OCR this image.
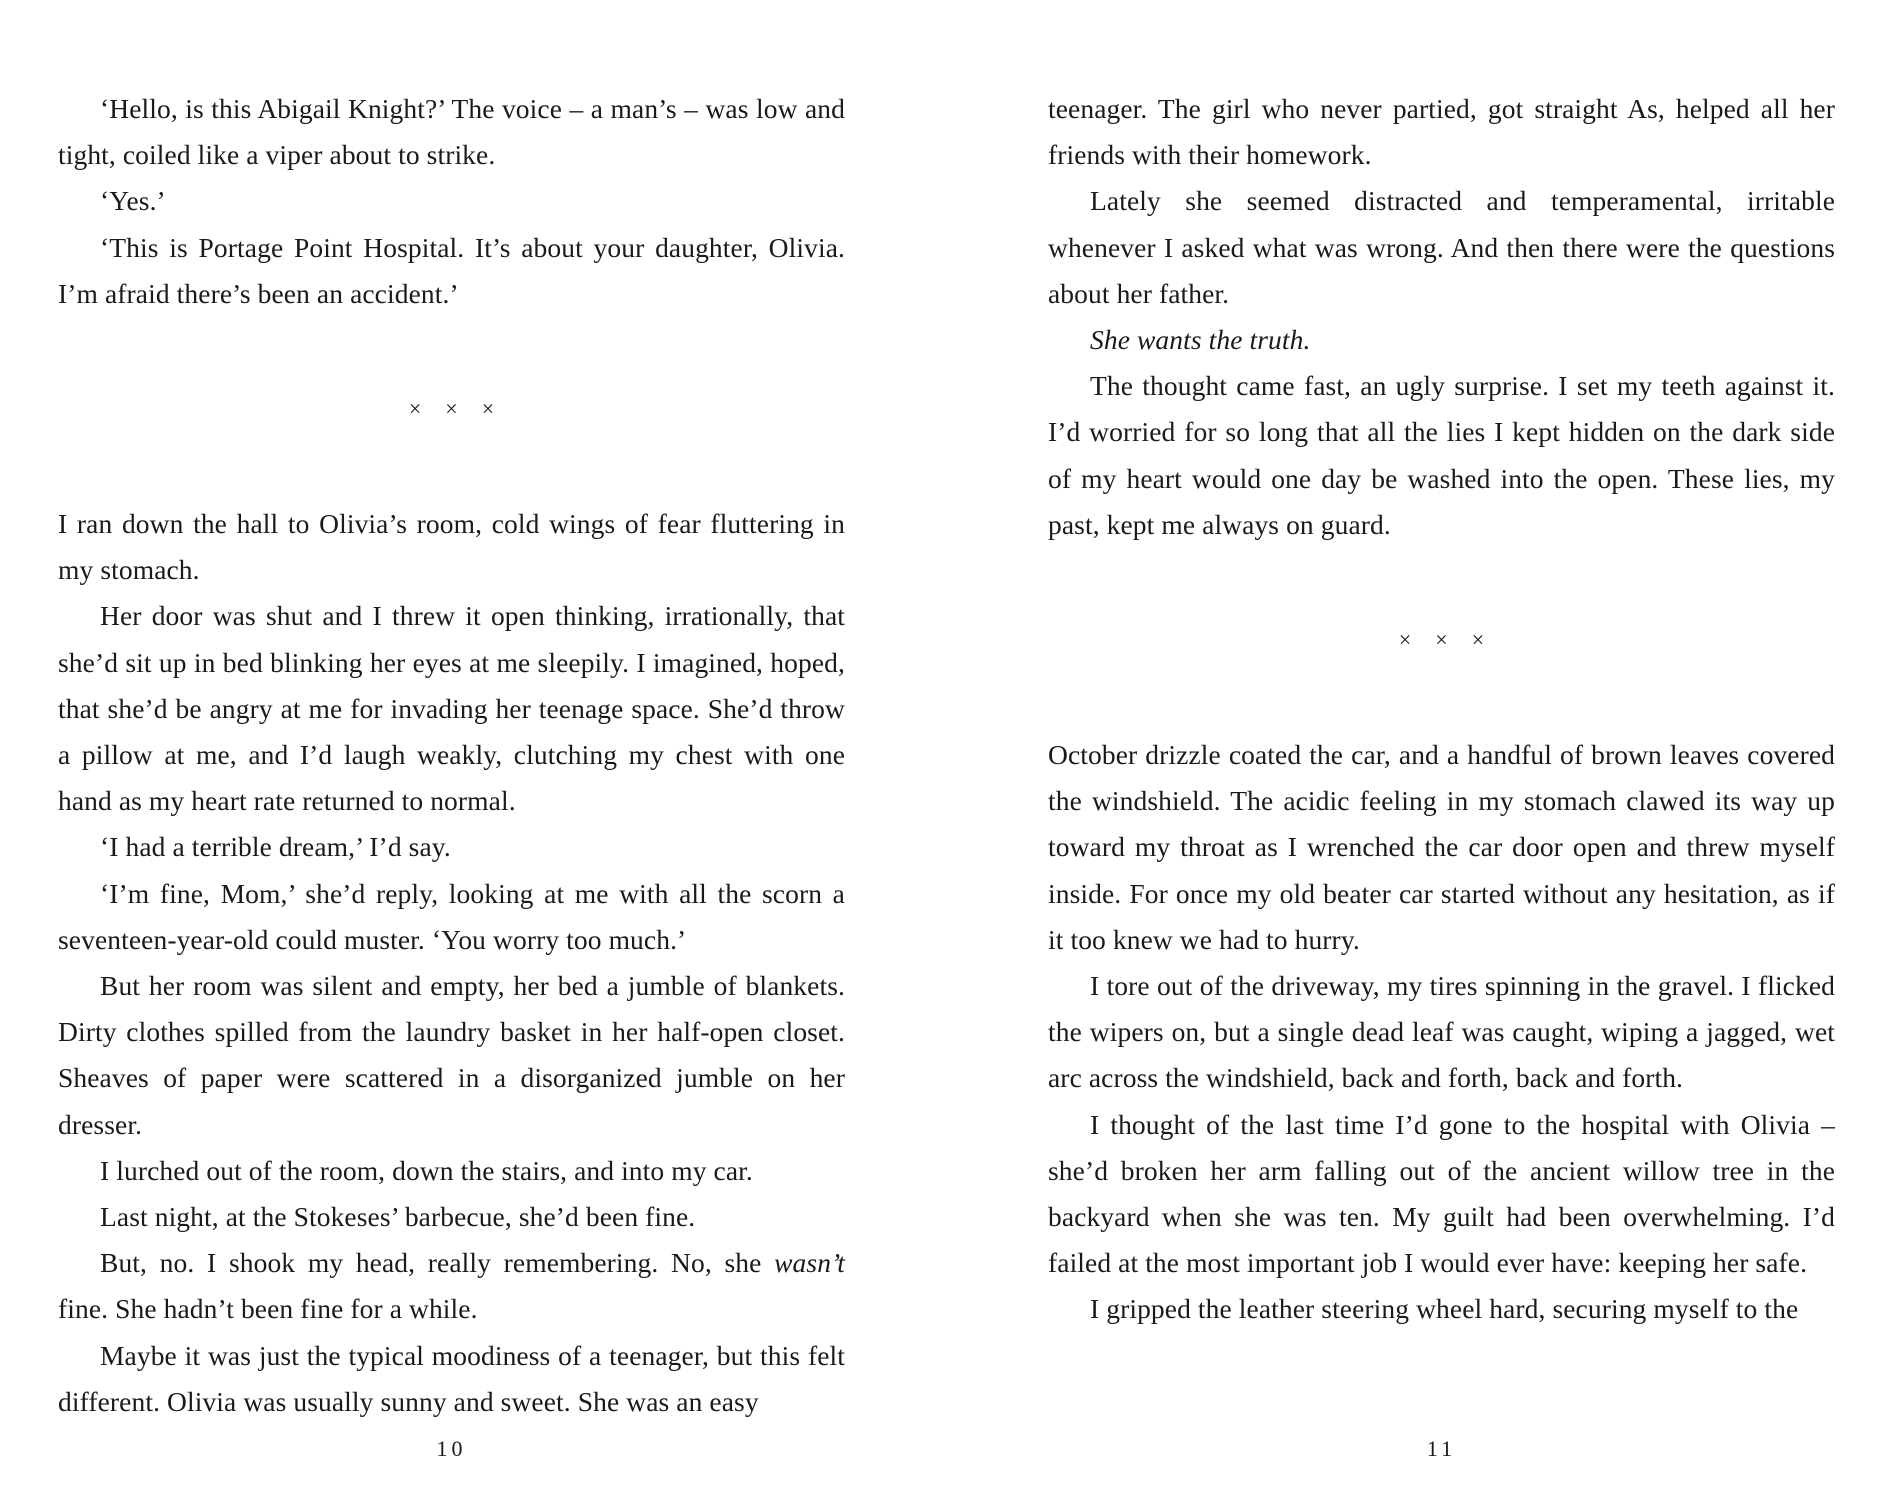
‘Hello, is this Abigail Knight?’ The voice – a man’s – was low and tight, coiled like a viper about to strike.

‘Yes.’

‘This is Portage Point Hospital. It’s about your daughter, Olivia. I’m afraid there’s been an accident.’

× × ×

I ran down the hall to Olivia’s room, cold wings of fear fluttering in my stomach.

Her door was shut and I threw it open thinking, irrationally, that she’d sit up in bed blinking her eyes at me sleepily. I imagined, hoped, that she’d be angry at me for invading her teenage space. She’d throw a pillow at me, and I’d laugh weakly, clutching my chest with one hand as my heart rate returned to normal.

‘I had a terrible dream,’ I’d say.

‘I’m fine, Mom,’ she’d reply, looking at me with all the scorn a seventeen-year-old could muster. ‘You worry too much.’

But her room was silent and empty, her bed a jumble of blankets. Dirty clothes spilled from the laundry basket in her half-open closet. Sheaves of paper were scattered in a disorganized jumble on her dresser.

I lurched out of the room, down the stairs, and into my car.

Last night, at the Stokeses’ barbecue, she’d been fine.

But, no. I shook my head, really remembering. No, she wasn’t fine. She hadn’t been fine for a while.

Maybe it was just the typical moodiness of a teenager, but this felt different. Olivia was usually sunny and sweet. She was an easy

10

teenager. The girl who never partied, got straight As, helped all her friends with their homework.

Lately she seemed distracted and temperamental, irritable whenever I asked what was wrong. And then there were the questions about her father.

She wants the truth.

The thought came fast, an ugly surprise. I set my teeth against it. I’d worried for so long that all the lies I kept hidden on the dark side of my heart would one day be washed into the open. These lies, my past, kept me always on guard.

× × ×

October drizzle coated the car, and a handful of brown leaves covered the windshield. The acidic feeling in my stomach clawed its way up toward my throat as I wrenched the car door open and threw myself inside. For once my old beater car started without any hesitation, as if it too knew we had to hurry.

I tore out of the driveway, my tires spinning in the gravel. I flicked the wipers on, but a single dead leaf was caught, wiping a jagged, wet arc across the windshield, back and forth, back and forth.

I thought of the last time I’d gone to the hospital with Olivia – she’d broken her arm falling out of the ancient willow tree in the backyard when she was ten. My guilt had been overwhelming. I’d failed at the most important job I would ever have: keeping her safe.

I gripped the leather steering wheel hard, securing myself to the

11
